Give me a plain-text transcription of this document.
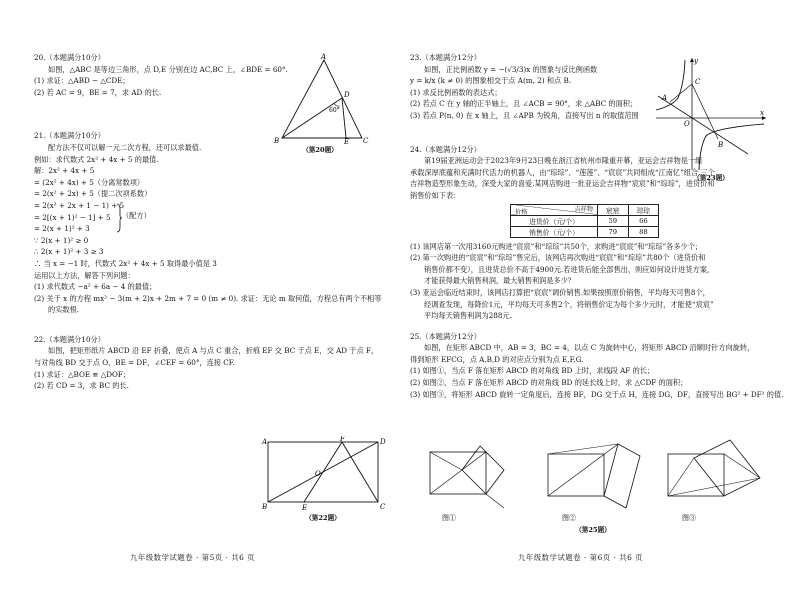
20.（本题满分10分）

如图，△ABC 是等边三角形，点 D,E 分别在边 AC,BC 上，∠BDE = 60°.

(1) 求证：△ABD ∽ △CDE；

(2) 若 AC = 9，BE = 7，求 AD 的长.

21.（本题满分10分）

配方法不仅可以解一元二次方程，还可以求最值.

例如：求代数式 2x² + 4x + 5 的最值.

解：2x² + 4x + 5

= (2x² + 4x) + 5（分离常数项）

= 2(x² + 2x) + 5（提二次项系数）

= 2(x² + 2x + 1 − 1) + 5

= 2[(x + 1)² − 1] + 5

= 2(x + 1)² + 3

（配方）

∵ 2(x + 1)² ≥ 0

∴ 2(x + 1)² + 3 ≥ 3

∴ 当 x = −1 时，代数式 2x² + 4x + 5 取得最小值是 3

运用以上方法，解答下列问题：

(1) 求代数式 −a² + 6a − 4 的最值；

(2) 关于 x 的方程 mx² − 3(m + 2)x + 2m + 7 = 0 (m ≠ 0). 求证：无论 m 取何值，方程总有两个不相等

的实数根.

22.（本题满分10分）

如图，把矩形纸片 ABCD 沿 EF 折叠，使点 A 与点 C 重合，折痕 EF 交 BC 于点 E，交 AD 于点 F，

与对角线 BD 交于点 O，BE = DF，∠CEF = 60°，连接 CF.

(1) 求证：△BOE ≌ △DOF；

(2) 若 CD = 3，求 BC 的长.

A
B	C
D
E
60°
（第20题）
A
B	C
D
E
F
O
（第22题）

23.（本题满分12分）

如图，正比例函数 y = −(√3/3)x 的图象与反比例函数

y = k/x (k ≠ 0) 的图象相交于点 A(m, 2) 和点 B.

(1) 求反比例函数的表达式；

(2) 若点 C 在 y 轴的正半轴上，且 ∠ACB = 90°，求 △ABC 的面积；

(3) 若点 P(n, 0) 在 x 轴上，且 ∠APB 为锐角，直接写出 n 的取值范围

24.（本题满分12分）

第19届亚洲运动会于2023年9月23日晚在浙江省杭州市隆重开幕，亚运会吉祥物是一组

承载深厚底蕴和充满时代活力的机器人，由“琮琮”、“莲莲”、“宸宸”共同组成“江南忆”组合.三个

吉祥物造型形象生动，深受大家的喜爱.某网店购进一批亚运会吉祥物“宸宸”和“琮琮”，进货价和

销售价如下表：

吉祥物
价格	宸宸	琮琮
进货价（元/个）	59	66
销售价（元/个）	79	88

(1) 该网店第一次用3160元购进“宸宸”和“琮琮”共50个，求购进“宸宸”和“琮琮”各多少个；

(2) 第一次购进的“宸宸”和“琮琮”售完后，该网店再次购进“宸宸”和“琮琮”共80个（进货价和

销售价都不变），且进货总价不高于4900元.若进货后能全部售出，则应如何设计进货方案，

才能获得最大销售利润，最大销售利润是多少？

(3) 亚运会临近结束时，该网店打算把“宸宸”调价销售.如果按照原价销售，平均每天可售8个，

经调查发现，每降价1元，平均每天可多售2个，将销售价定为每个多少元时，才能使“宸宸”

平均每天销售利润为288元.

25.（本题满分12分）

如图，在矩形 ABCD 中，AB = 3，BC = 4，以点 C 为旋转中心，将矩形 ABCD 沿顺时针方向旋转，

得到矩形 EFCG，点 A,B,D 的对应点分别为点 E,F,G.

(1) 如图①，当点 F 落在矩形 ABCD 的对角线 BD 上时，求线段 AF 的长；

(2) 如图②，当点 F 落在矩形 ABCD 的对角线 BD 的延长线上时，求 △CDF 的面积；

(3) 如图③，将矩形 ABCD 旋转一定角度后，连接 BF，DG 交于点 H，连接 DG，DF，直接写出 BG² + DF² 的值.

y
x
O
A
B
C
（第23题）
图①	图②	图③
（第25题）
九年级数学试题卷 · 第5页 · 共6 页	九年级数学试题卷 · 第6页 · 共6 页
